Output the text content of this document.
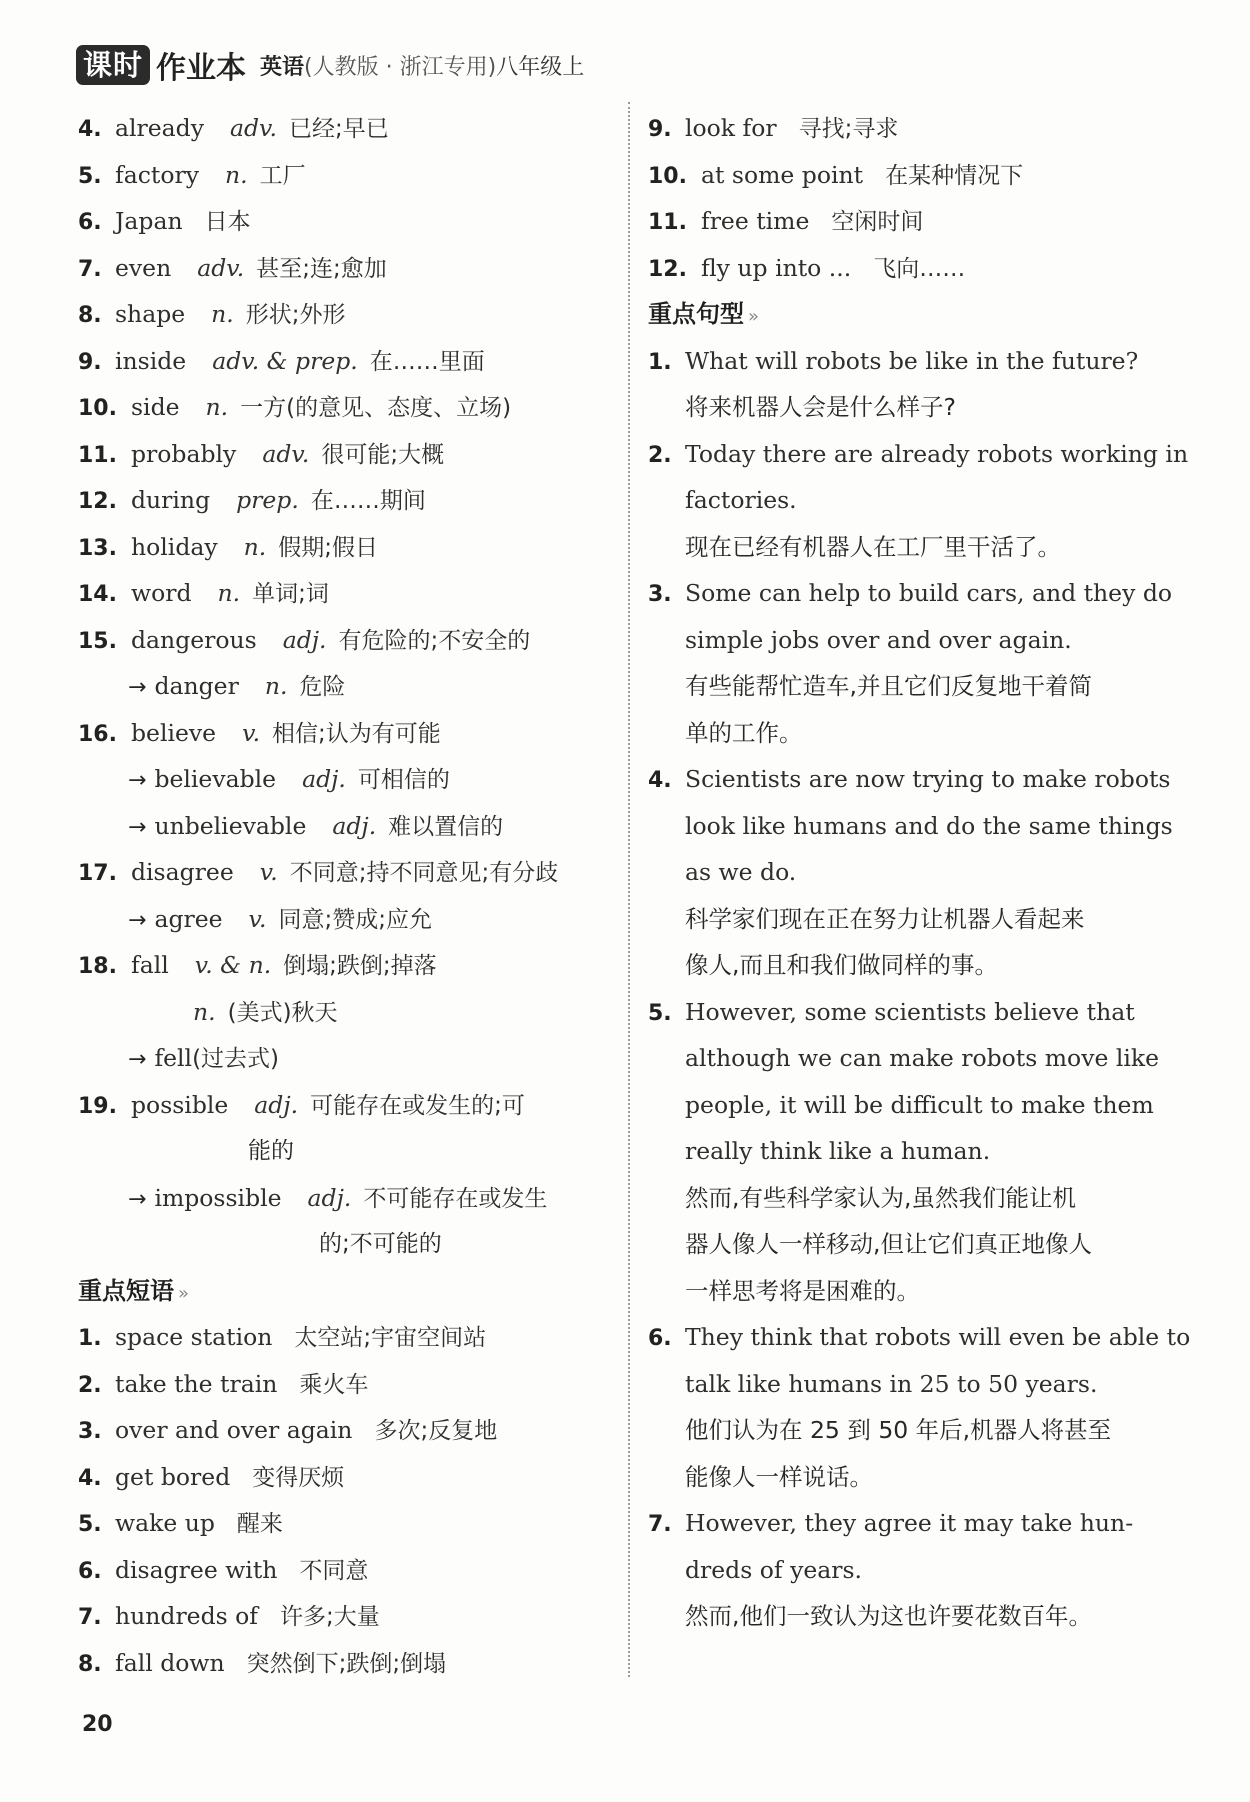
课时 作业本 英语(人教版 · 浙江专用)八年级上
4. already adv. 已经;早已
5. factory n. 工厂
6. Japan 日本
7. even adv. 甚至;连;愈加
8. shape n. 形状;外形
9. inside adv. & prep. 在……里面
10. side n. 一方(的意见、态度、立场)
11. probably adv. 很可能;大概
12. during prep. 在……期间
13. holiday n. 假期;假日
14. word n. 单词;词
15. dangerous adj. 有危险的;不安全的
→ danger n. 危险
16. believe v. 相信;认为有可能
→ believable adj. 可相信的
→ unbelievable adj. 难以置信的
17. disagree v. 不同意;持不同意见;有分歧
→ agree v. 同意;赞成;应允
18. fall v. & n. 倒塌;跌倒;掉落
n. (美式)秋天
→ fell(过去式)
19. possible adj. 可能存在或发生的;可
能的
→ impossible adj. 不可能存在或发生
的;不可能的
重点短语 »
1. space station 太空站;宇宙空间站
2. take the train 乘火车
3. over and over again 多次;反复地
4. get bored 变得厌烦
5. wake up 醒来
6. disagree with 不同意
7. hundreds of 许多;大量
8. fall down 突然倒下;跌倒;倒塌
9. look for 寻找;寻求
10. at some point 在某种情况下
11. free time 空闲时间
12. fly up into ... 飞向……
重点句型 »
1. What will robots be like in the future?
将来机器人会是什么样子?
2. Today there are already robots working in
factories.
现在已经有机器人在工厂里干活了。
3. Some can help to build cars, and they do
simple jobs over and over again.
有些能帮忙造车,并且它们反复地干着简
单的工作。
4. Scientists are now trying to make robots
look like humans and do the same things
as we do.
科学家们现在正在努力让机器人看起来
像人,而且和我们做同样的事。
5. However, some scientists believe that
although we can make robots move like
people, it will be difficult to make them
really think like a human.
然而,有些科学家认为,虽然我们能让机
器人像人一样移动,但让它们真正地像人
一样思考将是困难的。
6. They think that robots will even be able to
talk like humans in 25 to 50 years.
他们认为在 25 到 50 年后,机器人将甚至
能像人一样说话。
7. However, they agree it may take hun-
dreds of years.
然而,他们一致认为这也许要花数百年。
20
